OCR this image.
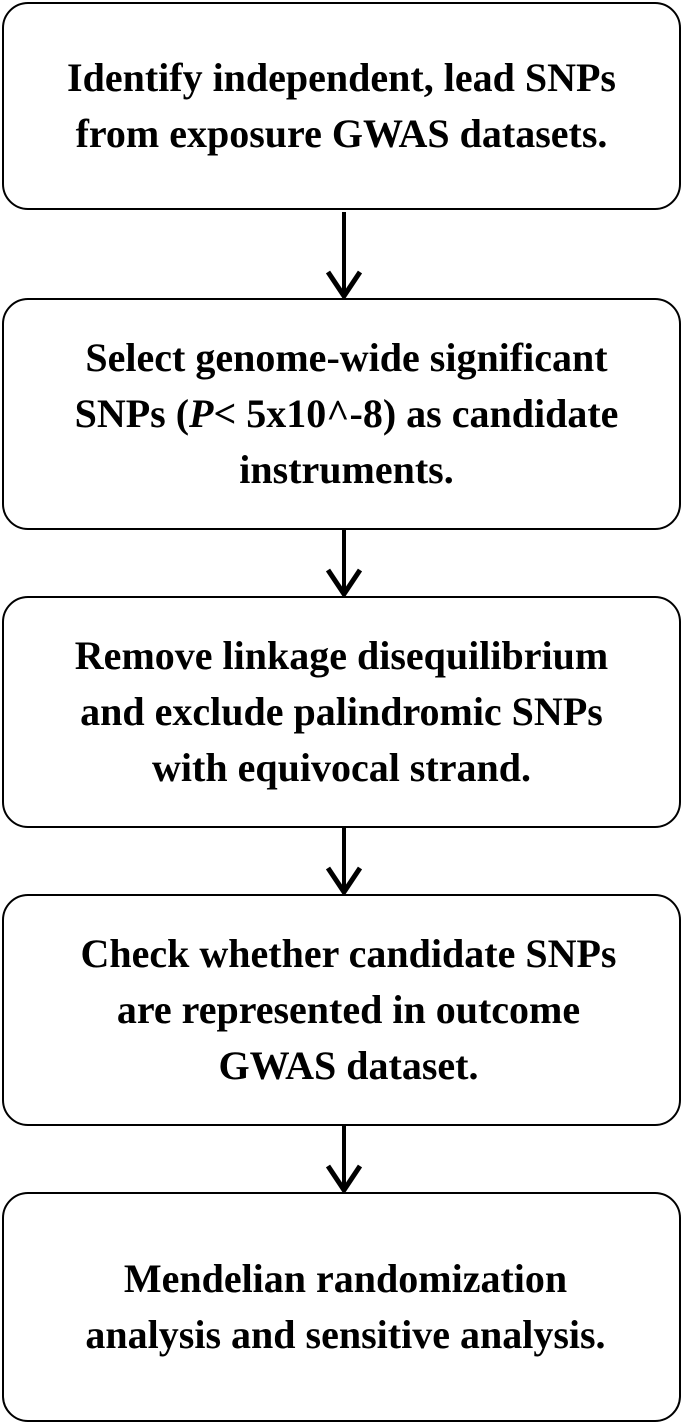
Identify independent, lead SNPs
from exposure GWAS datasets.

Select genome-wide significant
SNPs (P< 5x10^-8) as candidate
instruments.

Remove linkage disequilibrium
and exclude palindromic SNPs
with equivocal strand.

Check whether candidate SNPs
are represented in outcome
GWAS dataset.

Mendelian randomization
analysis and sensitive analysis.
